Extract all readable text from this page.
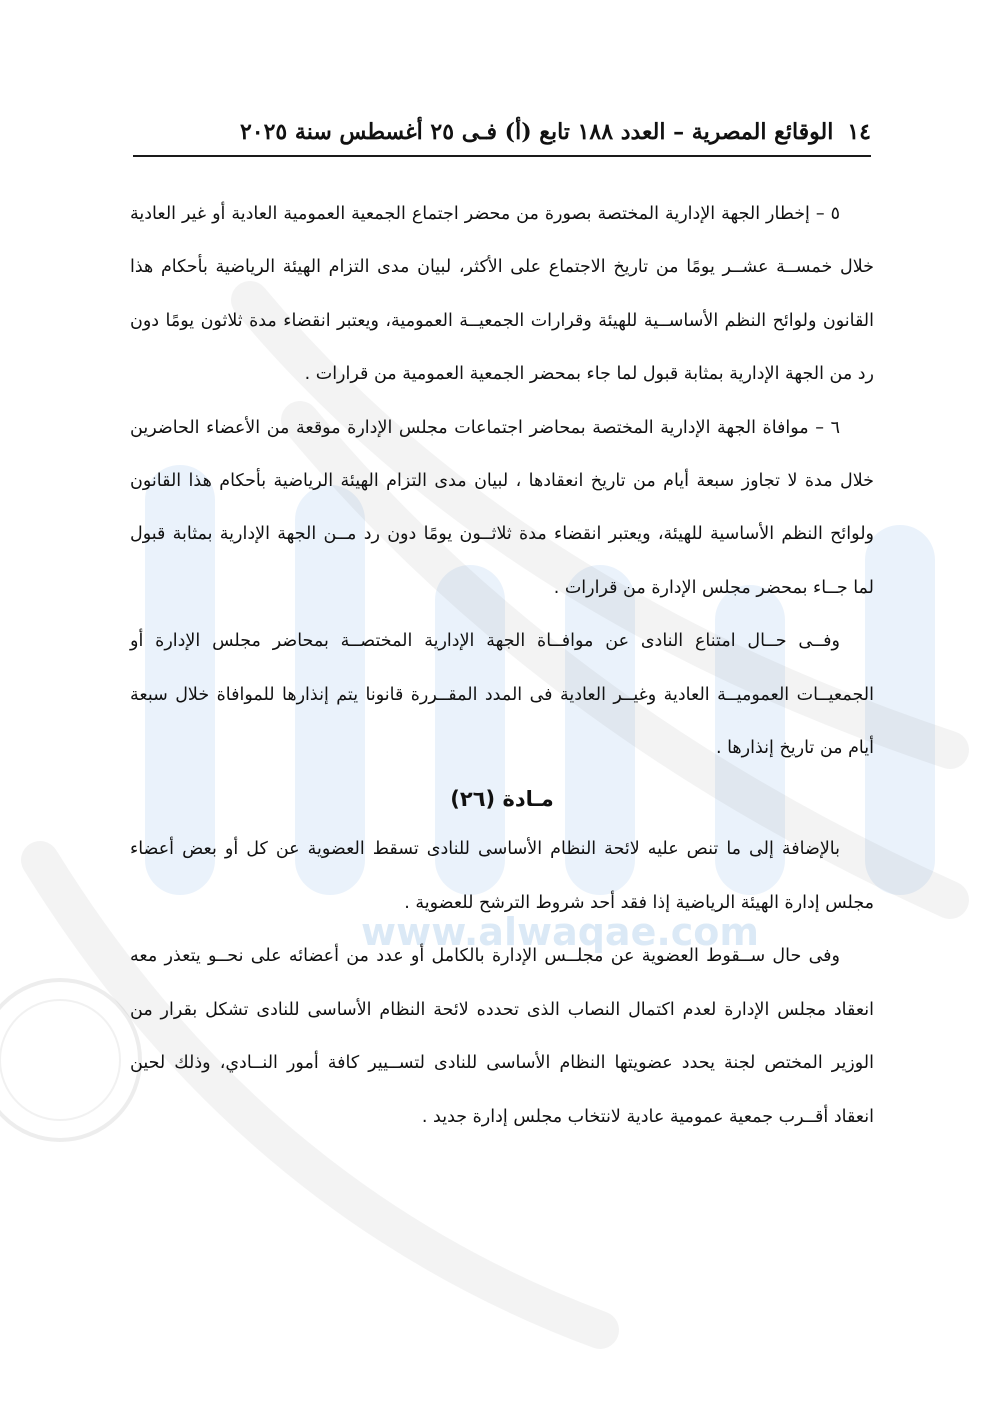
www.alwaqae.com
١٤
الوقائع المصرية – العدد ١٨٨ تابع (أ) فـى ٢٥ أغسطس سنة ٢٠٢٥

٥ – إخطار الجهة الإدارية المختصة بصورة من محضر اجتماع الجمعية العمومية العادية أو غير العادية خلال خمســة عشــر يومًا من تاريخ الاجتماع على الأكثر، لبيان مدى التزام الهيئة الرياضية بأحكام هذا القانون ولوائح النظم الأساســية للهيئة وقرارات الجمعيــة العمومية، ويعتبر انقضاء مدة ثلاثون يومًا دون رد من الجهة الإدارية بمثابة قبول لما جاء بمحضر الجمعية العمومية من قرارات .

٦ – موافاة الجهة الإدارية المختصة بمحاضر اجتماعات مجلس الإدارة موقعة من الأعضاء الحاضرين خلال مدة لا تجاوز سبعة أيام من تاريخ انعقادها ، لبيان مدى التزام الهيئة الرياضية بأحكام هذا القانون ولوائح النظم الأساسية للهيئة، ويعتبر انقضاء مدة ثلاثــون يومًا دون رد مــن الجهة الإدارية بمثابة قبول لما جــاء بمحضر مجلس الإدارة من قرارات .

وفــى حــال امتناع النادى عن موافــاة الجهة الإدارية المختصــة بمحاضر مجلس الإدارة أو الجمعيــات العموميــة العادية وغيــر العادية فى المدد المقــررة قانونا يتم إنذارها للموافاة خلال سبعة أيام من تاريخ إنذارها .

مـادة (٢٦)

بالإضافة إلى ما تنص عليه لائحة النظام الأساسى للنادى تسقط العضوية عن كل أو بعض أعضاء مجلس إدارة الهيئة الرياضية إذا فقد أحد شروط الترشح للعضوية .

وفى حال ســقوط العضوية عن مجلــس الإدارة بالكامل أو عدد من أعضائه على نحــو يتعذر معه انعقاد مجلس الإدارة لعدم اكتمال النصاب الذى تحدده لائحة النظام الأساسى للنادى تشكل بقرار من الوزير المختص لجنة يحدد عضويتها النظام الأساسى للنادى لتســيير كافة أمور النــادي، وذلك لحين انعقاد أقــرب جمعية عمومية عادية لانتخاب مجلس إدارة جديد .
